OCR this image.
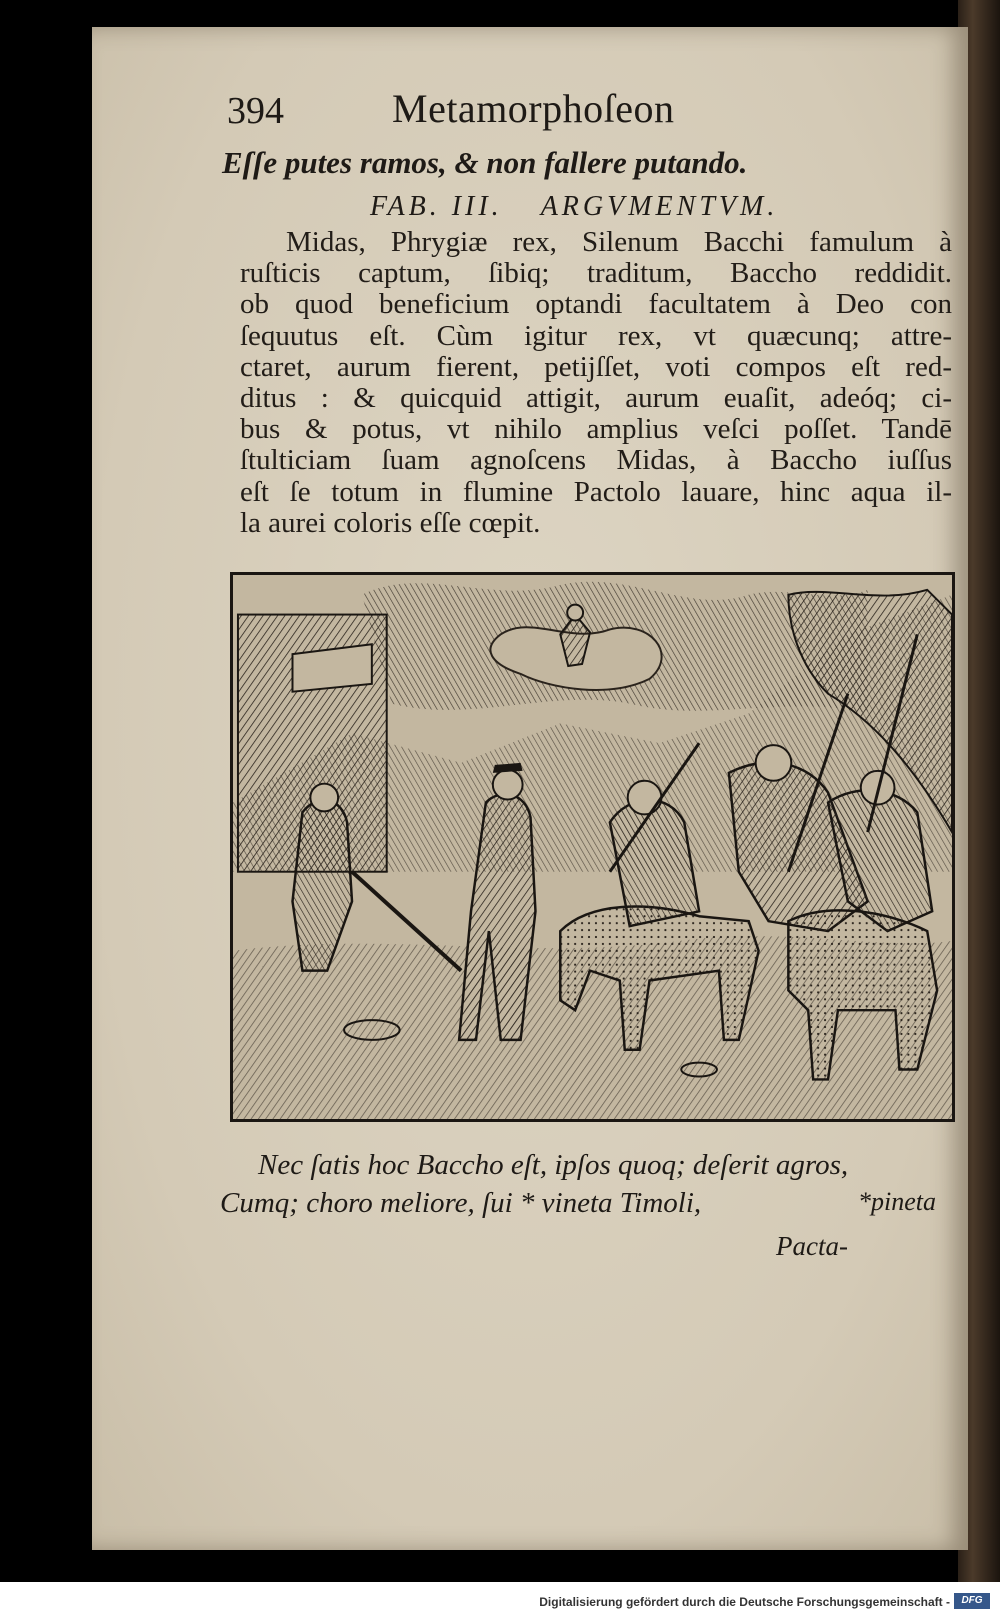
394	Metamorphoſeon
Eſſe putes ramos, & non fallere putando.
FAB. III. ARGVMENTVM.
Midas, Phrygiæ rex, Silenum Bacchi famulum à
ruſticis captum, ſibiq; traditum, Baccho reddidit.
ob quod beneficium optandi facultatem à Deo con
ſequutus eſt. Cùm igitur rex, vt quæcunq; attre-
ctaret, aurum fierent, petijſſet, voti compos eſt red-
ditus : & quicquid attigit, aurum euaſit, adeóq; ci-
bus & potus, vt nihilo amplius veſci poſſet. Tandē
ſtulticiam ſuam agnoſcens Midas, à Baccho iuſſus
eſt ſe totum in flumine Pactolo lauare, hinc aqua il-
la aurei coloris eſſe cœpit.
Nec ſatis hoc Baccho eſt, ipſos quoq; deſerit agros,
Cumq; choro meliore, ſui * vineta Timoli,	*pineta
Pacta-
Digitalisierung gefördert durch die Deutsche Forschungsgemeinschaft -	DFG
